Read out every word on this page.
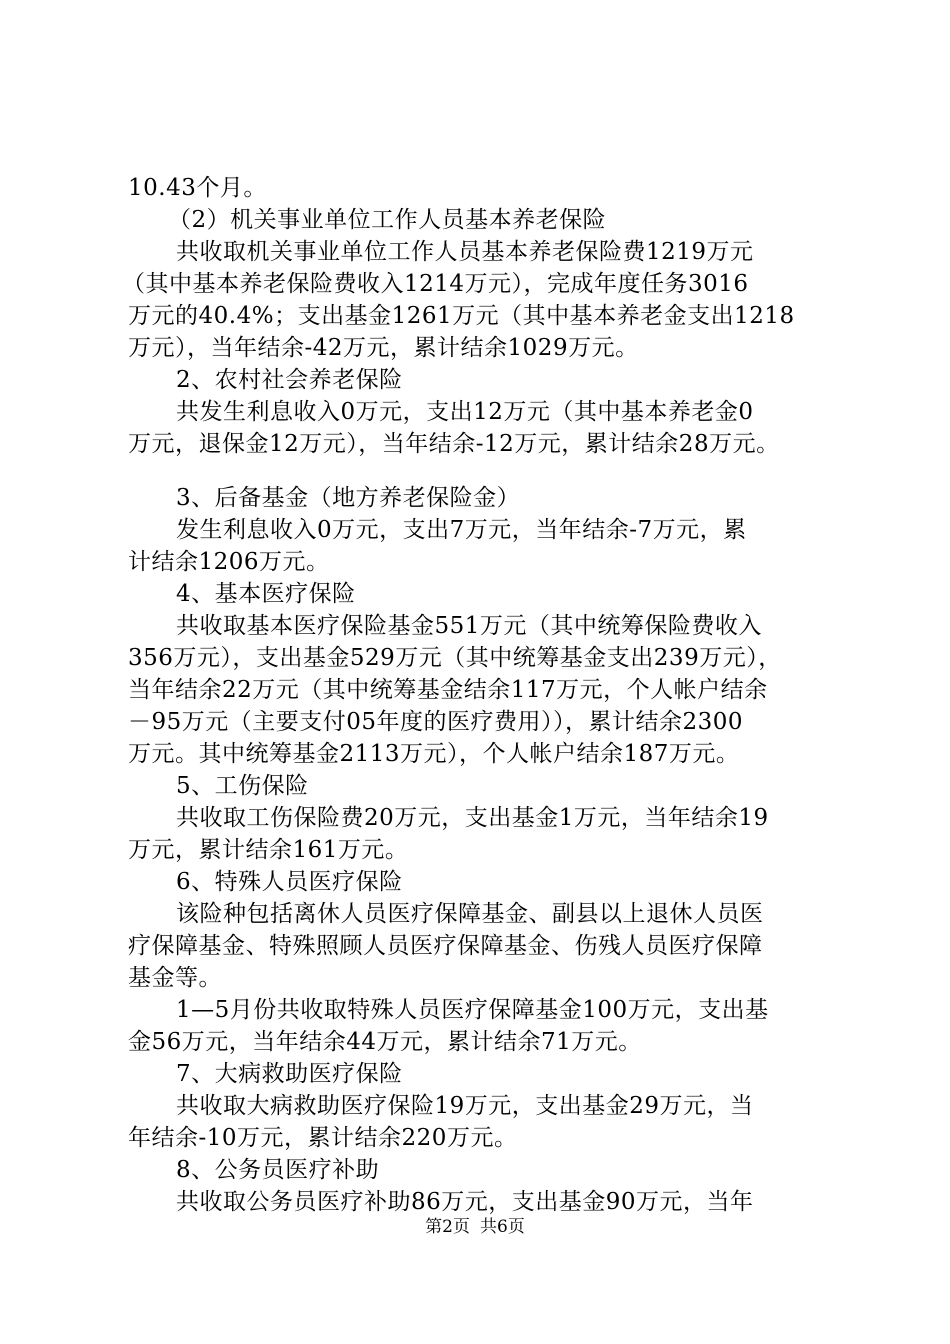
10.43个月。
（2）机关事业单位工作人员基本养老保险
共收取机关事业单位工作人员基本养老保险费1219万元
（其中基本养老保险费收入1214万元），完成年度任务3016
万元的40.4%；支出基金1261万元（其中基本养老金支出1218
万元），当年结余-42万元，累计结余1029万元。
2、农村社会养老保险
共发生利息收入0万元，支出12万元（其中基本养老金0
万元，退保金12万元），当年结余-12万元，累计结余28万元。
3、后备基金（地方养老保险金）
发生利息收入0万元，支出7万元，当年结余-7万元，累
计结余1206万元。
4、基本医疗保险
共收取基本医疗保险基金551万元（其中统筹保险费收入
356万元），支出基金529万元（其中统筹基金支出239万元），
当年结余22万元（其中统筹基金结余117万元，个人帐户结余
－95万元（主要支付05年度的医疗费用）），累计结余2300
万元。其中统筹基金2113万元），个人帐户结余187万元。
5、工伤保险
共收取工伤保险费20万元，支出基金1万元，当年结余19
万元，累计结余161万元。
6、特殊人员医疗保险
该险种包括离休人员医疗保障基金、副县以上退休人员医
疗保障基金、特殊照顾人员医疗保障基金、伤残人员医疗保障
基金等。
1—5月份共收取特殊人员医疗保障基金100万元，支出基
金56万元，当年结余44万元，累计结余71万元。
7、大病救助医疗保险
共收取大病救助医疗保险19万元，支出基金29万元，当
年结余-10万元，累计结余220万元。
8、公务员医疗补助
共收取公务员医疗补助86万元，支出基金90万元，当年
第2页 共6页
